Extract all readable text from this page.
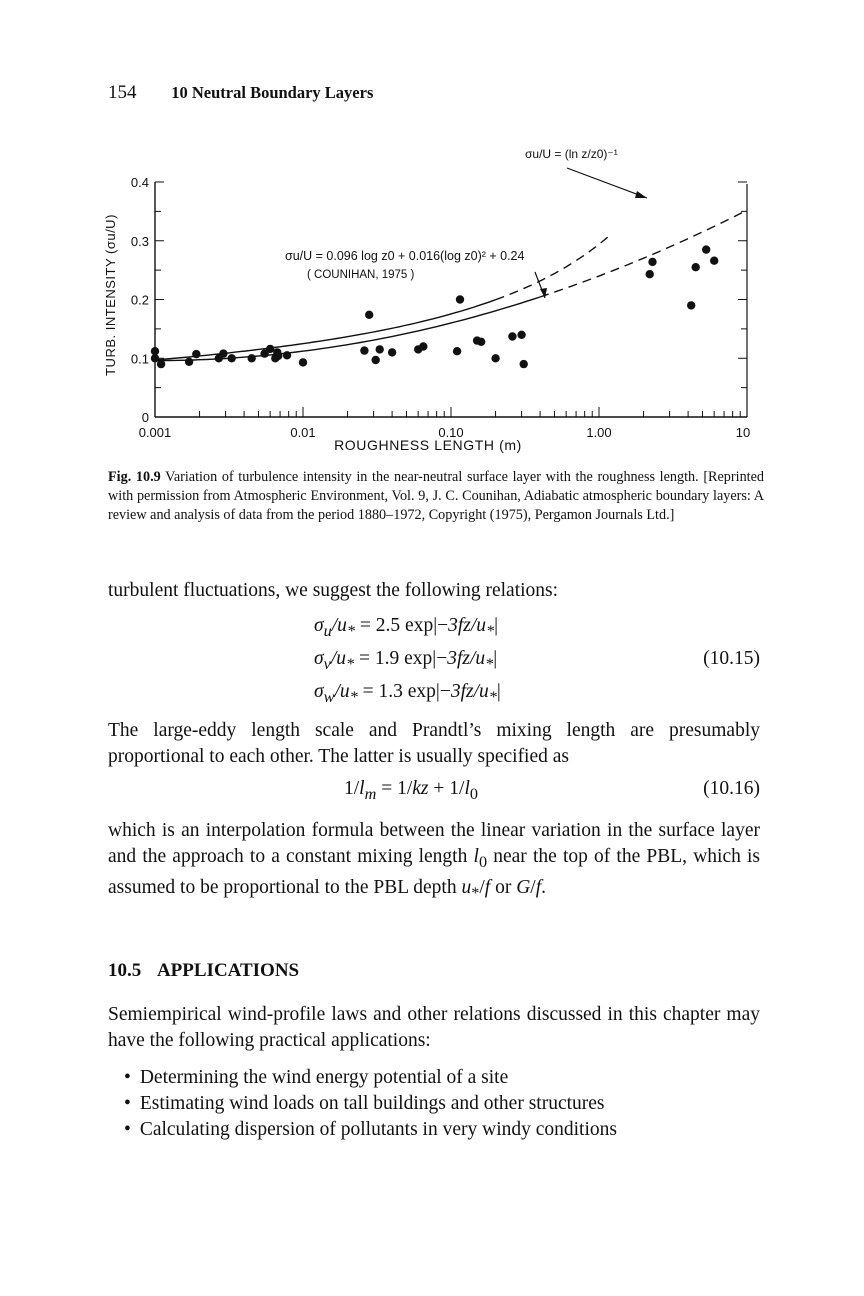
154 10 Neutral Boundary Layers
0.001	0.01	0.10	1.00	10
0
0.1
0.2
0.3
0.4
ROUGHNESS LENGTH (m)
TURB. INTENSITY (σu/U)
σu/U = (ln z/z0)⁻¹
σu/U = 0.096 log z0 + 0.016(log z0)² + 0.24
( COUNIHAN, 1975 )
Fig. 10.9 Variation of turbulence intensity in the near-neutral surface layer with the roughness length. [Reprinted with permission from Atmospheric Environment, Vol. 9, J. C. Counihan, Adiabatic atmospheric boundary layers: A review and analysis of data from the period 1880–1972, Copyright (1975), Pergamon Journals Ltd.]
turbulent fluctuations, we suggest the following relations:
$\sigma_u/u_* = 2.5$ $\exp|-3fz/u_*|$
$\sigma_v/u_* = 1.9$ $\exp|-3fz/u_*|$	(10.15)
$\sigma_w/u_* = 1.3$ $\exp|-3fz/u_*|$
The large-eddy length scale and Prandtl’s mixing length are presumably proportional to each other. The latter is usually specified as
$1/l_m = 1/kz + 1/l_0$	(10.16)
which is an interpolation formula between the linear variation in the surface layer and the approach to a constant mixing length $l_0$ near the top of the PBL, which is assumed to be proportional to the PBL depth $u_*/f$ or G/f.
10.5 APPLICATIONS
Semiempirical wind-profile laws and other relations discussed in this chapter may have the following practical applications:
• Determining the wind energy potential of a site
• Estimating wind loads on tall buildings and other structures
• Calculating dispersion of pollutants in very windy conditions
